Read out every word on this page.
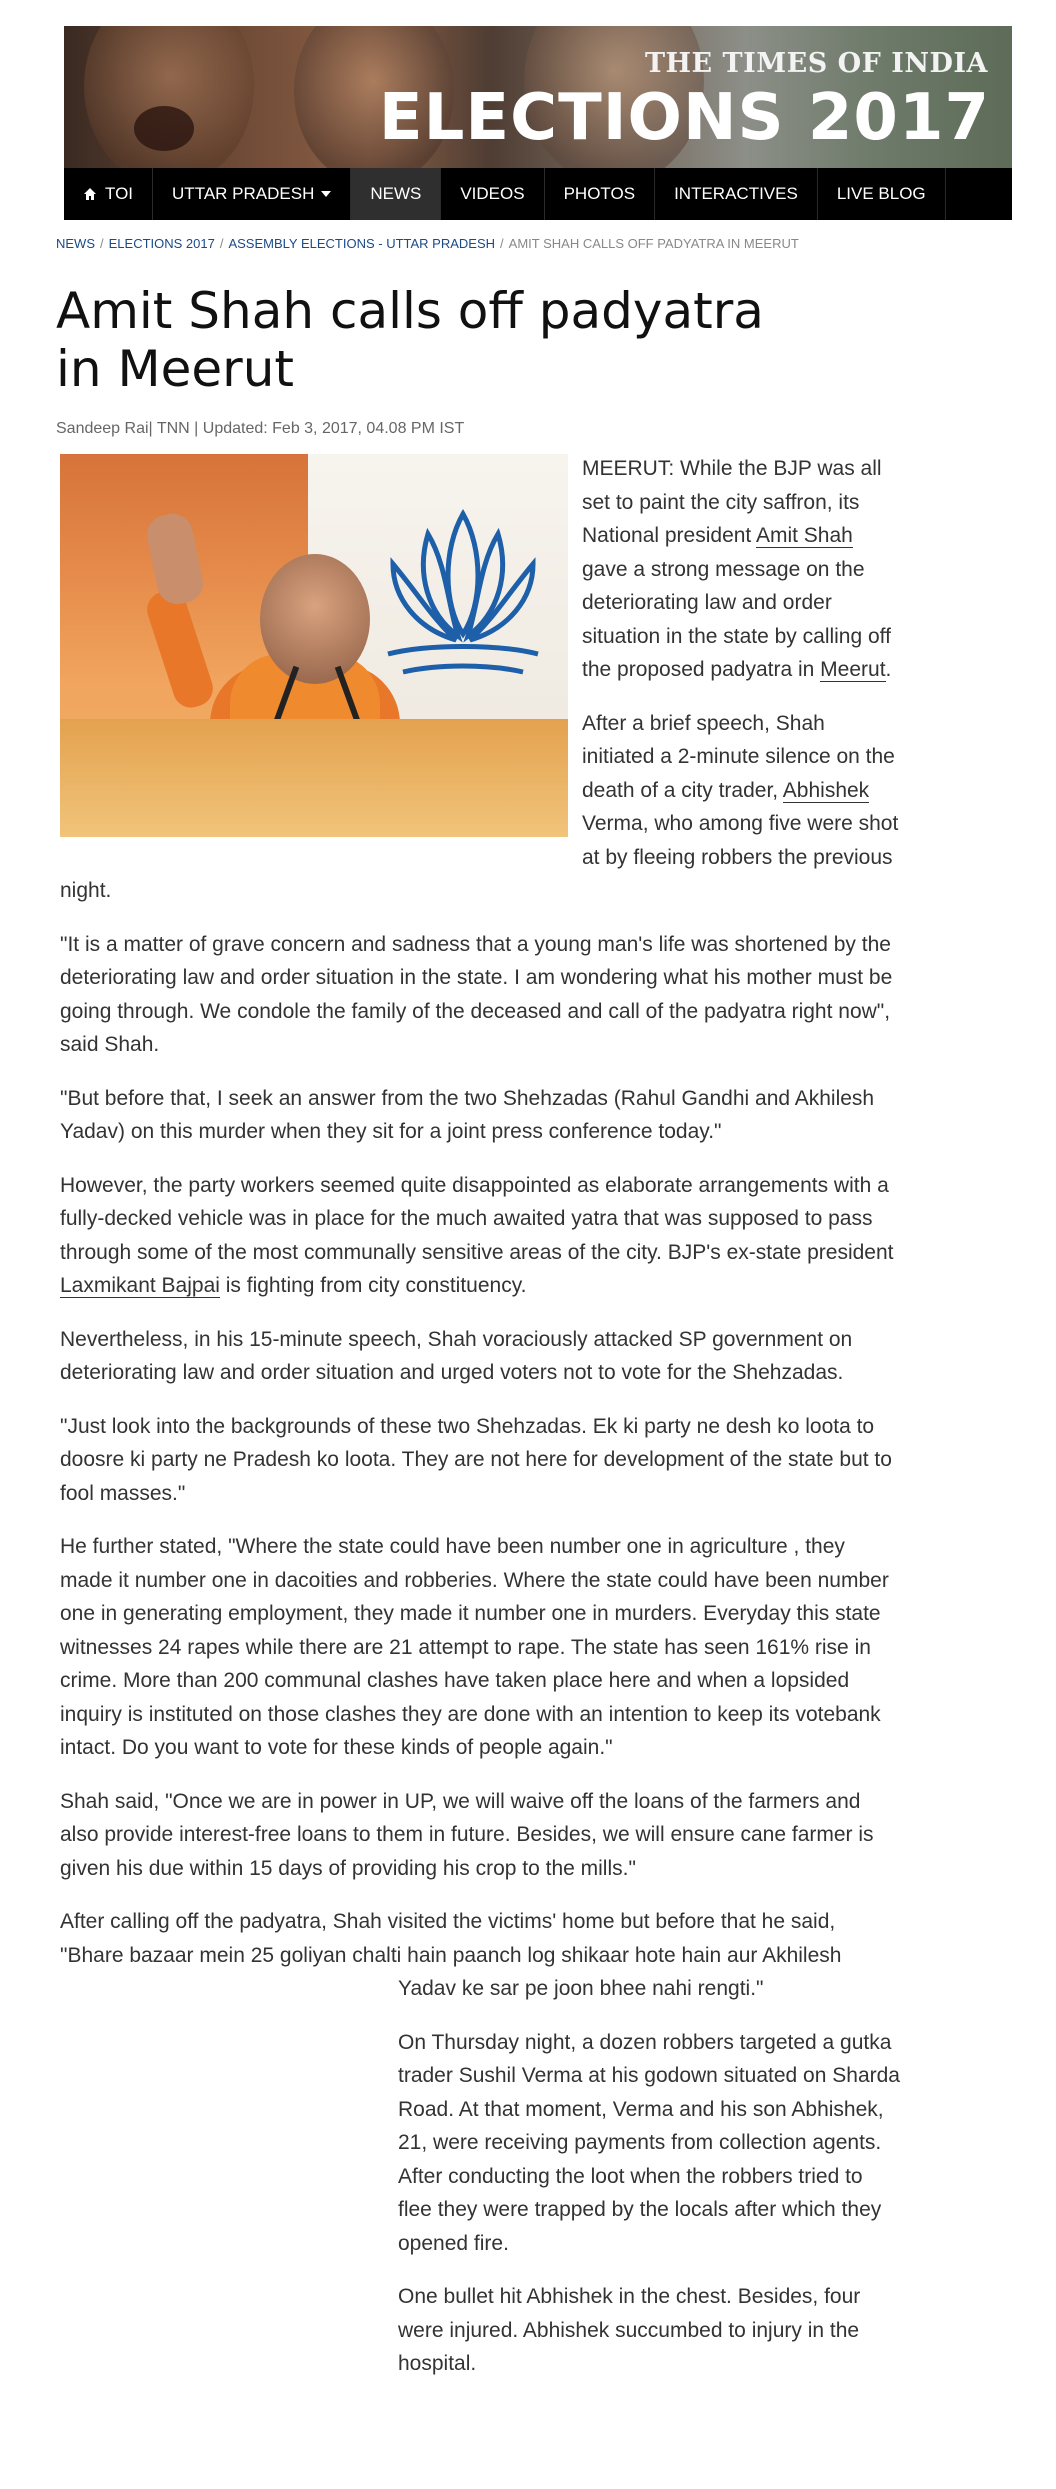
THE TIMES OF INDIA
ELECTIONS 2017
TOI UTTAR PRADESH	NEWS VIDEOS PHOTOS INTERACTIVES LIVE BLOG
NEWS / ELECTIONS 2017 / ASSEMBLY ELECTIONS - UTTAR PRADESH / AMIT SHAH CALLS OFF PADYATRA IN MEERUT
Amit Shah calls off padyatra in Meerut
Sandeep Rai| TNN | Updated: Feb 3, 2017, 04.08 PM IST

MEERUT: While the BJP was all set to paint the city saffron, its National president Amit Shah gave a strong message on the deteriorating law and order situation in the state by calling off the proposed padyatra in Meerut.

After a brief speech, Shah initiated a 2-minute silence on the death of a city trader, Abhishek Verma, who among five were shot at by fleeing robbers the previous night.

"It is a matter of grave concern and sadness that a young man's life was shortened by the deteriorating law and order situation in the state. I am wondering what his mother must be going through. We condole the family of the deceased and call of the padyatra right now", said Shah.

"But before that, I seek an answer from the two Shehzadas (Rahul Gandhi and Akhilesh Yadav) on this murder when they sit for a joint press conference today."

However, the party workers seemed quite disappointed as elaborate arrangements with a fully-decked vehicle was in place for the much awaited yatra that was supposed to pass through some of the most communally sensitive areas of the city. BJP's ex-state president Laxmikant Bajpai is fighting from city constituency.

Nevertheless, in his 15-minute speech, Shah voraciously attacked SP government on deteriorating law and order situation and urged voters not to vote for the Shehzadas.

"Just look into the backgrounds of these two Shehzadas. Ek ki party ne desh ko loota to doosre ki party ne Pradesh ko loota. They are not here for development of the state but to fool masses."

He further stated, "Where the state could have been number one in agriculture , they made it number one in dacoities and robberies. Where the state could have been number one in generating employment, they made it number one in murders. Everyday this state witnesses 24 rapes while there are 21 attempt to rape. The state has seen 161% rise in crime. More than 200 communal clashes have taken place here and when a lopsided inquiry is instituted on those clashes they are done with an intention to keep its votebank intact. Do you want to vote for these kinds of people again."

Shah said, "Once we are in power in UP, we will waive off the loans of the farmers and also provide interest-free loans to them in future. Besides, we will ensure cane farmer is given his due within 15 days of providing his crop to the mills."

After calling off the padyatra, Shah visited the victims' home but before that he said, "Bhare bazaar mein 25 goliyan chalti hain paanch log shikaar hote hain aur Akhilesh

Yadav ke sar pe joon bhee nahi rengti."

On Thursday night, a dozen robbers targeted a gutka trader Sushil Verma at his godown situated on Sharda Road. At that moment, Verma and his son Abhishek, 21, were receiving payments from collection agents. After conducting the loot when the robbers tried to flee they were trapped by the locals after which they opened fire.

One bullet hit Abhishek in the chest. Besides, four were injured. Abhishek succumbed to injury in the hospital.
